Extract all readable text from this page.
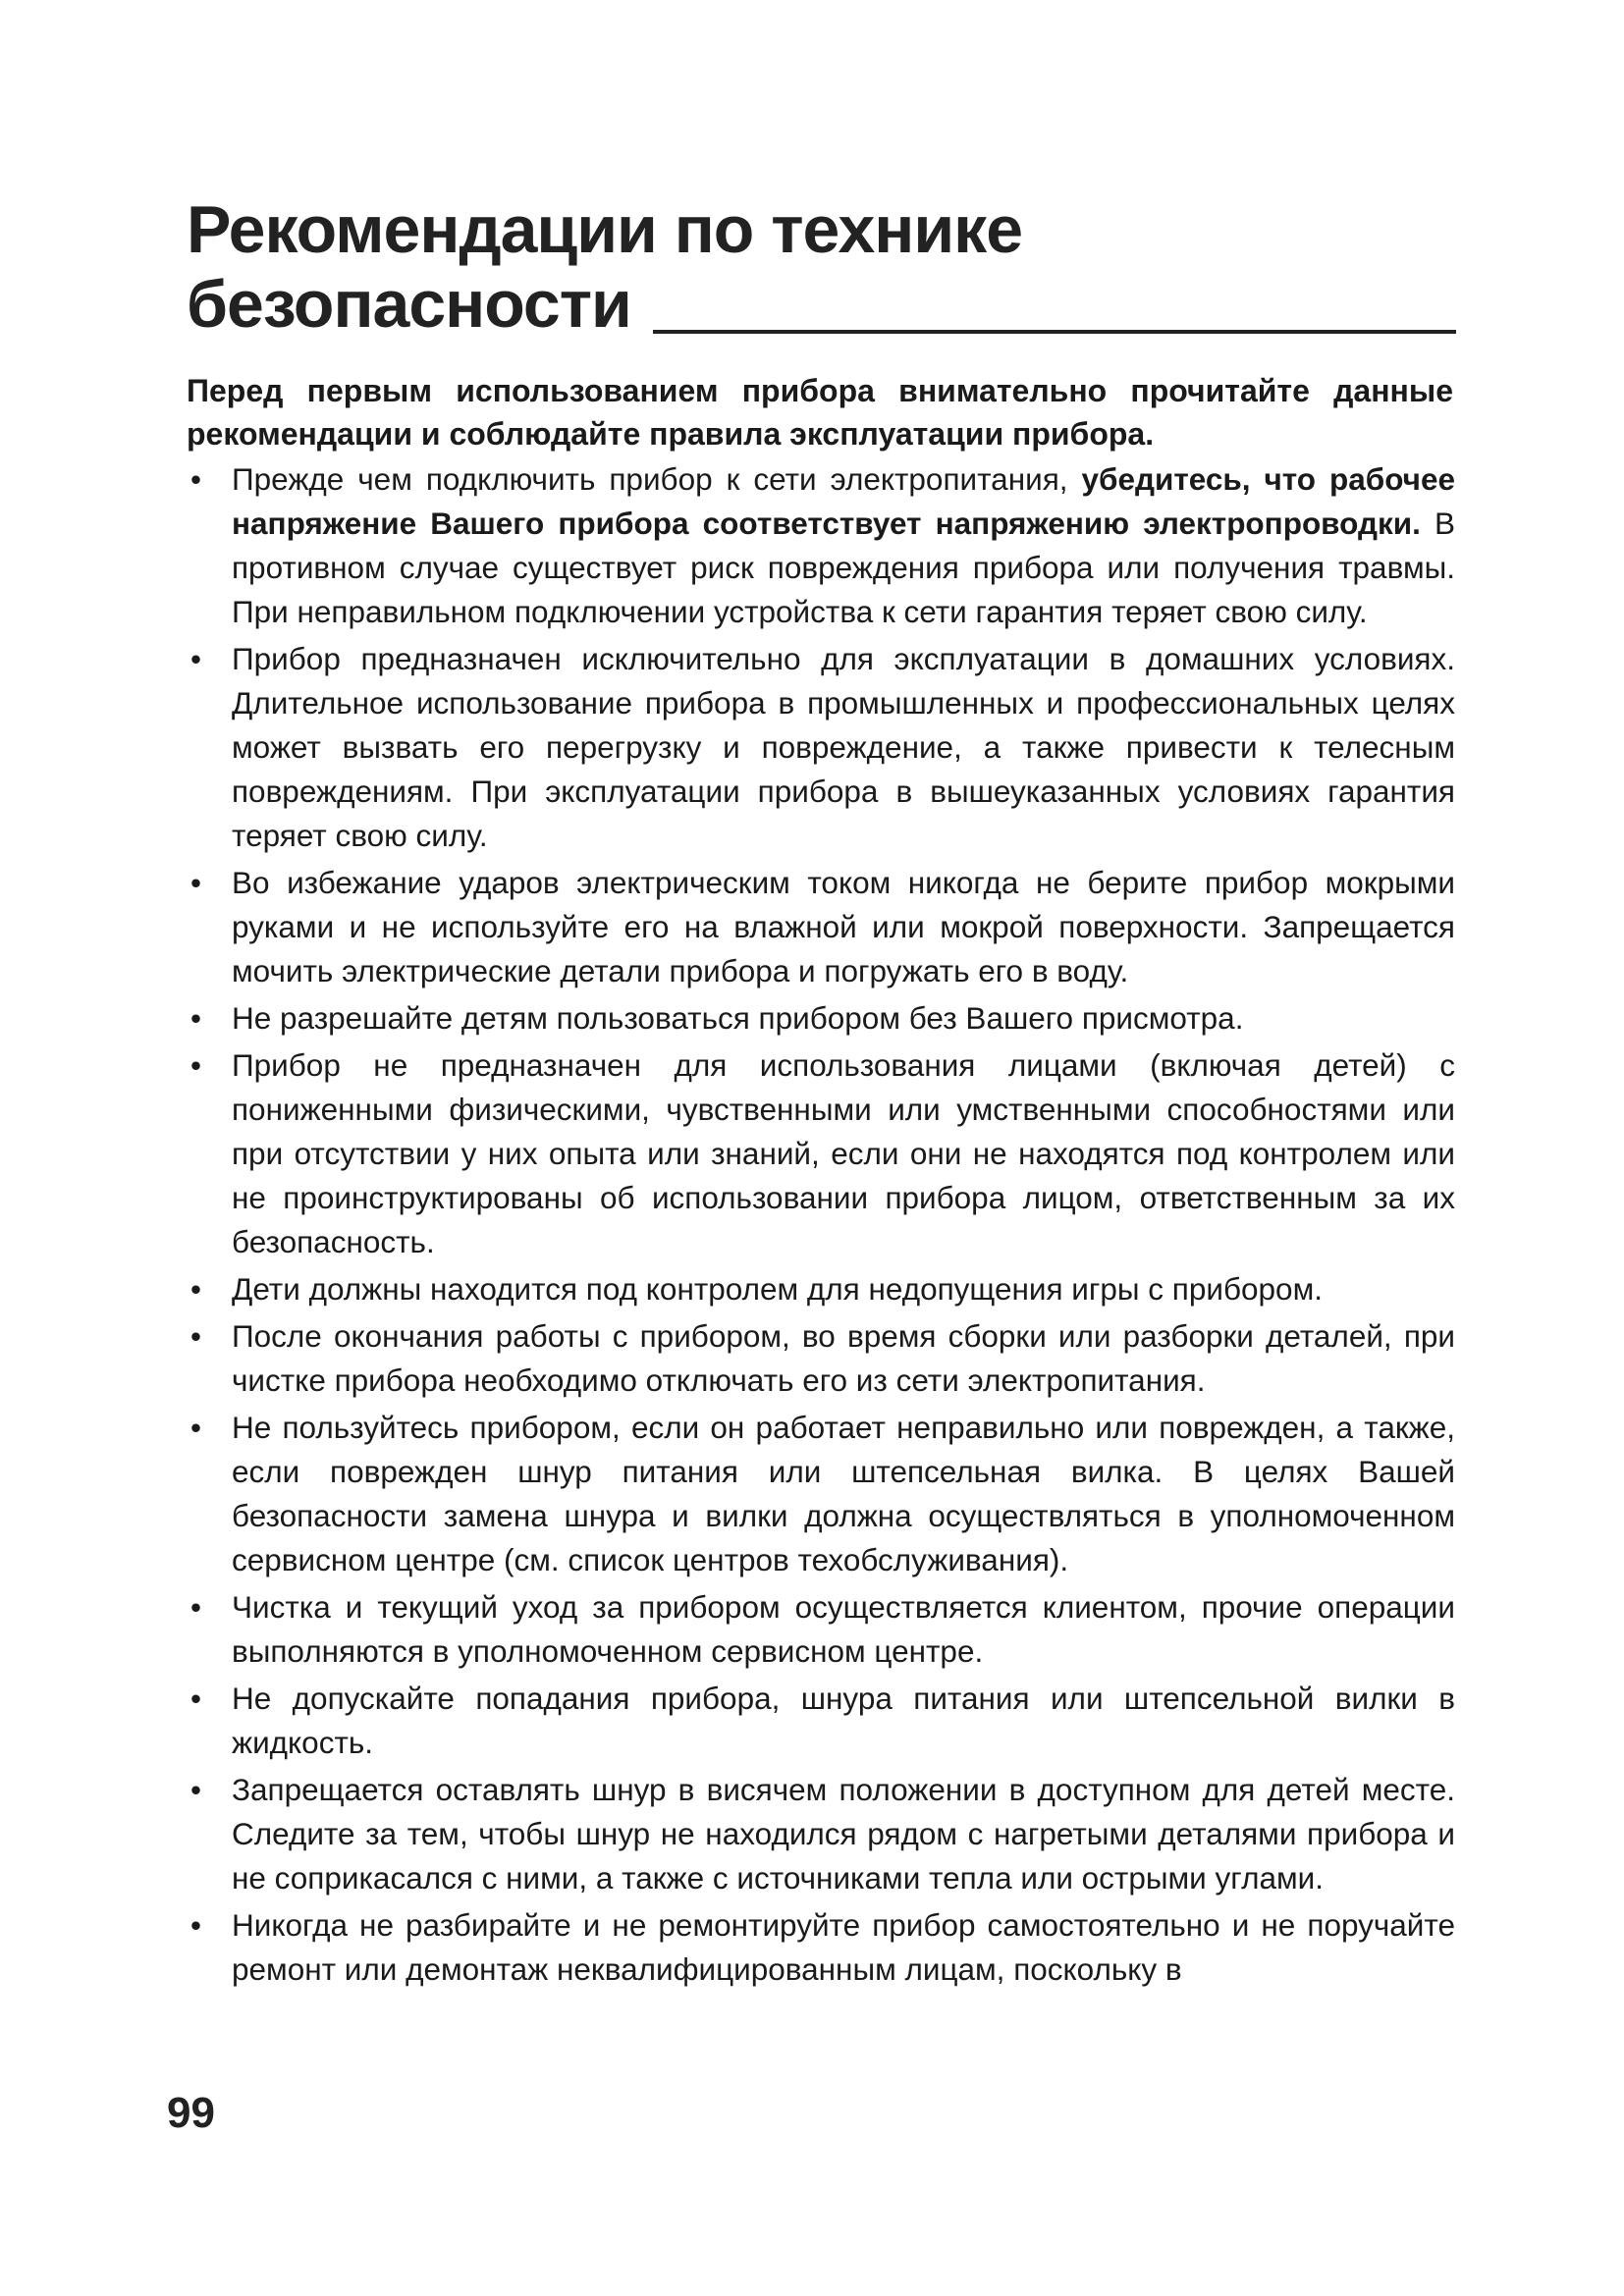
Рекомендации по технике
безопасности

Перед первым использованием прибора внимательно прочитайте данные рекомендации и соблюдайте правила эксплуатации прибора.

• Прежде чем подключить прибор к сети электропитания, убедитесь, что рабочее напряжение Вашего прибора соответствует напряжению электропроводки. В противном случае существует риск повреждения прибора или получения травмы. При неправильном подключении устройства к сети гарантия теряет свою силу.
• Прибор предназначен исключительно для эксплуатации в домашних условиях. Длительное использование прибора в промышленных и профессиональных целях может вызвать его перегрузку и повреждение, а также привести к телесным повреждениям. При эксплуатации прибора в вышеуказанных условиях гарантия теряет свою силу.
• Во избежание ударов электрическим током никогда не берите прибор мокрыми руками и не используйте его на влажной или мокрой поверхности. Запрещается мочить электрические детали прибора и погружать его в воду.
• Не разрешайте детям пользоваться прибором без Вашего присмотра.
• Прибор не предназначен для использования лицами (включая детей) с пониженными физическими, чувственными или умственными способностями или при отсутствии у них опыта или знаний, если они не находятся под контролем или не проинструктированы об использовании прибора лицом, ответственным за их безопасность.
• Дети должны находится под контролем для недопущения игры с прибором.
• После окончания работы с прибором, во время сборки или разборки деталей, при чистке прибора необходимо отключать его из сети электропитания.
• Не пользуйтесь прибором, если он работает неправильно или поврежден, а также, если поврежден шнур питания или штепсельная вилка. В целях Вашей безопасности замена шнура и вилки должна осуществляться в уполномоченном сервисном центре (см. список центров техобслуживания).
• Чистка и текущий уход за прибором осуществляется клиентом, прочие операции выполняются в уполномоченном сервисном центре.
• Не допускайте попадания прибора, шнура питания или штепсельной вилки в жидкость.
• Запрещается оставлять шнур в висячем положении в доступном для детей месте. Следите за тем, чтобы шнур не находился рядом с нагретыми деталями прибора и не соприкасался с ними, а также с источниками тепла или острыми углами.
• Никогда не разбирайте и не ремонтируйте прибор самостоятельно и не поручайте ремонт или демонтаж неквалифицированным лицам, поскольку в
99
